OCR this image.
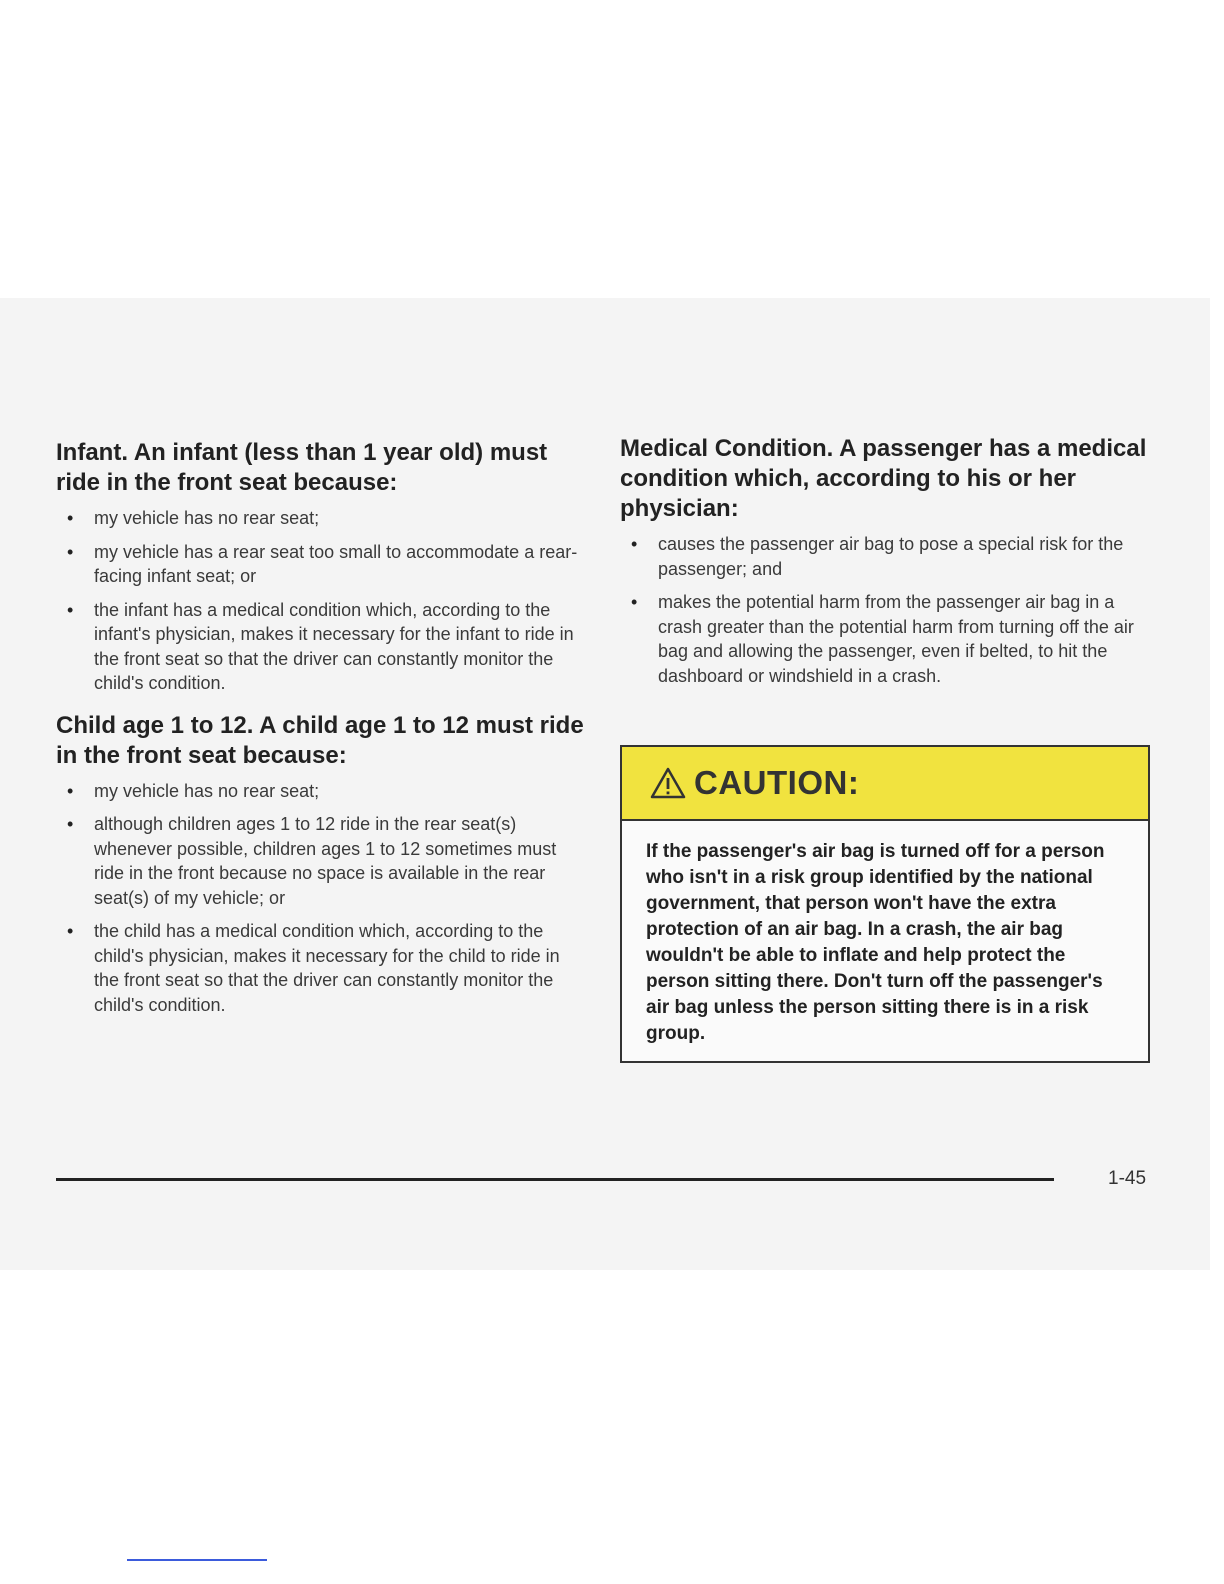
Infant. An infant (less than 1 year old) must ride in the front seat because:
• my vehicle has no rear seat;
• my vehicle has a rear seat too small to accommodate a rear-facing infant seat; or
• the infant has a medical condition which, according to the infant's physician, makes it necessary for the infant to ride in the front seat so that the driver can constantly monitor the child's condition.
Child age 1 to 12. A child age 1 to 12 must ride in the front seat because:
• my vehicle has no rear seat;
• although children ages 1 to 12 ride in the rear seat(s) whenever possible, children ages 1 to 12 sometimes must ride in the front because no space is available in the rear seat(s) of my vehicle; or
• the child has a medical condition which, according to the child's physician, makes it necessary for the child to ride in the front seat so that the driver can constantly monitor the child's condition.
Medical Condition. A passenger has a medical condition which, according to his or her physician:
• causes the passenger air bag to pose a special risk for the passenger; and
• makes the potential harm from the passenger air bag in a crash greater than the potential harm from turning off the air bag and allowing the passenger, even if belted, to hit the dashboard or windshield in a crash.
CAUTION:
If the passenger's air bag is turned off for a person who isn't in a risk group identified by the national government, that person won't have the extra protection of an air bag. In a crash, the air bag wouldn't be able to inflate and help protect the person sitting there. Don't turn off the passenger's air bag unless the person sitting there is in a risk group.
1-45
